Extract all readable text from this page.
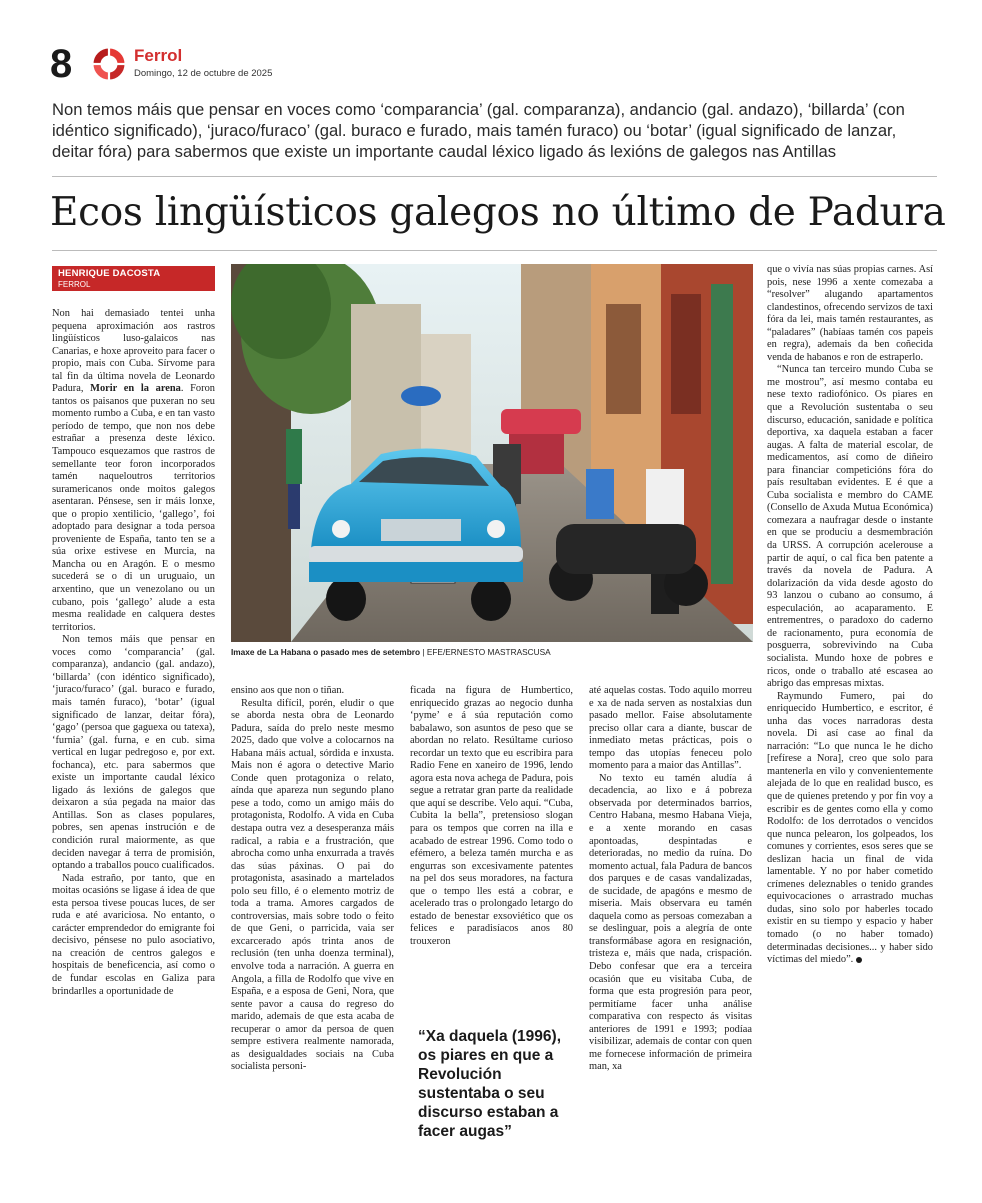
8	Ferrol
Domingo, 12 de octubre de 2025
Non temos máis que pensar en voces como ‘comparancia’ (gal. comparanza), andancio (gal. andazo), ‘billarda’ (con idéntico significado), ‘juraco/furaco’ (gal. buraco e furado, mais tamén furaco) ou ‘botar’ (igual significado de lanzar, deitar fóra) para sabermos que existe un importante caudal léxico ligado ás lexións de galegos nas Antillas
Ecos lingüísticos galegos no último de Padura
HENRIQUE DACOSTA
FERROL

Non hai demasiado tentei unha pequena aproximación aos rastros lingüísticos luso-galaicos nas Canarias, e hoxe aproveito para facer o propio, mais con Cuba. Sírvome para tal fin da última novela de Leonardo Padura, Morir en la arena. Foron tantos os paisanos que puxeran no seu momento rumbo a Cuba, e en tan vasto período de tempo, que non nos debe estrañar a presenza deste léxico. Tampouco esquezamos que rastros de semellante teor foron incorporados tamén naqueloutros territorios suramericanos onde moitos galegos asentaran. Pénsese, sen ir máis lonxe, que o propio xentilicio, ‘gallego’, foi adoptado para designar a toda persoa proveniente de España, tanto ten se a súa orixe estivese en Murcia, na Mancha ou en Aragón. E o mesmo sucederá se o di un uruguaio, un arxentino, que un venezolano ou un cubano, pois ‘gallego’ alude a esta mesma realidade en calquera destes territorios.

Non temos máis que pensar en voces como ‘comparancia’ (gal. comparanza), andancio (gal. andazo), ‘billarda’ (con idéntico significado), ‘juraco/furaco’ (gal. buraco e furado, mais tamén furaco), ‘botar’ (igual significado de lanzar, deitar fóra), ‘gago’ (persoa que gaguexa ou tatexa), ‘furnia’ (gal. furna, e en cub. sima vertical en lugar pedregoso e, por ext. fochanca), etc. para sabermos que existe un importante caudal léxico ligado ás lexións de galegos que deixaron a súa pegada na maior das Antillas. Son as clases populares, pobres, sen apenas instrución e de condición rural maiormente, as que deciden navegar á terra de promisión, optando a traballos pouco cualificados.

Nada estraño, por tanto, que en moitas ocasións se ligase á idea de que esta persoa tivese poucas luces, de ser ruda e até avariciosa. No entanto, o carácter emprendedor do emigrante foi decisivo, pénsese no pulo asociativo, na creación de centros galegos e hospitais de beneficencia, así como o de fundar escolas en Galiza para brindarlles a oportunidade de

Imaxe de La Habana o pasado mes de setembro | EFE/ERNESTO MASTRASCUSA

ensino aos que non o tiñan.

Resulta difícil, porén, eludir o que se aborda nesta obra de Leonardo Padura, saída do prelo neste mesmo 2025, dado que volve a colocarnos na Habana máis actual, sórdida e inxusta. Mais non é agora o detective Mario Conde quen protagoniza o relato, aínda que apareza nun segundo plano pese a todo, como un amigo máis do protagonista, Rodolfo. A vida en Cuba destapa outra vez a desesperanza máis radical, a rabia e a frustración, que abrocha como unha enxurrada a través das súas páxinas. O pai do protagonista, asasinado a martelados polo seu fillo, é o elemento motriz de toda a trama. Amores cargados de controversias, mais sobre todo o feito de que Geni, o parricida, vaia ser excarcerado após trinta anos de reclusión (ten unha doenza terminal), envolve toda a narración. A guerra en Angola, a filla de Rodolfo que vive en España, e a esposa de Geni, Nora, que sente pavor a causa do regreso do marido, ademais de que esta acaba de recuperar o amor da persoa de quen sempre estivera realmente namorada, as desigualdades sociais na Cuba socialista personi-

ficada na figura de Humbertico, enriquecido grazas ao negocio dunha ‘pyme’ e á súa reputación como babalawo, son asuntos de peso que se abordan no relato. Resúltame curioso recordar un texto que eu escribira para Radio Fene en xaneiro de 1996, lendo agora esta nova achega de Padura, pois segue a retratar gran parte da realidade que aquí se describe. Velo aquí. “Cuba, Cubita la bella”, pretensioso slogan para os tempos que corren na illa e acabado de estrear 1996. Como todo o efémero, a beleza tamén murcha e as engurras son excesivamente patentes na pel dos seus moradores, na factura que o tempo lles está a cobrar, e acelerado tras o prolongado letargo do estado de benestar exsoviético que os felices e paradisíacos anos 80 trouxeron

“Xa daquela (1996), os piares en que a Revolución sustentaba o seu discurso estaban a facer augas”

até aquelas costas. Todo aquilo morreu e xa de nada serven as nostalxias dun pasado mellor. Faise absolutamente preciso ollar cara a diante, buscar de inmediato metas prácticas, pois o tempo das utopías feneceu polo momento para a maior das Antillas”.

No texto eu tamén aludía á decadencia, ao lixo e á pobreza observada por determinados barrios, Centro Habana, mesmo Habana Vieja, e a xente morando en casas apontoadas, despintadas e deterioradas, no medio da ruína. Do momento actual, fala Padura de bancos dos parques e de casas vandalizadas, de sucidade, de apagóns e mesmo de miseria. Mais observara eu tamén daquela como as persoas comezaban a se deslinguar, pois a alegría de onte transformábase agora en resignación, tristeza e, máis que nada, crispación. Debo confesar que era a terceira ocasión que eu visitaba Cuba, de forma que esta progresión para peor, permitíame facer unha análise comparativa con respecto ás visitas anteriores de 1991 e 1993; podíaa visibilizar, ademais de contar con quen me fornecese información de primeira man, xa

que o vivía nas súas propias carnes. Así pois, nese 1996 a xente comezaba a “resolver” alugando apartamentos clandestinos, ofrecendo servizos de taxi fóra da lei, mais tamén restaurantes, as “paladares” (habíaas tamén cos papeis en regra), ademais da ben coñecida venda de habanos e ron de estraperlo.

“Nunca tan terceiro mundo Cuba se me mostrou”, así mesmo contaba eu nese texto radiofónico. Os piares en que a Revolución sustentaba o seu discurso, educación, sanidade e política deportiva, xa daquela estaban a facer augas. A falta de material escolar, de medicamentos, así como de diñeiro para financiar competicións fóra do país resultaban evidentes. E é que a Cuba socialista e membro do CAME (Consello de Axuda Mutua Económica) comezara a naufragar desde o instante en que se produciu a desmembración da URSS. A corrupción acelerouse a partir de aquí, o cal fica ben patente a través da novela de Padura. A dolarización da vida desde agosto do 93 lanzou o cubano ao consumo, á especulación, ao acaparamento. E entrementres, o paradoxo do caderno de racionamento, pura economía de posguerra, sobrevivindo na Cuba socialista. Mundo hoxe de pobres e ricos, onde o traballo até escasea ao abrigo das empresas mixtas.

Raymundo Fumero, pai do enriquecido Humbertico, e escritor, é unha das voces narradoras desta novela. Di así case ao final da narración: “Lo que nunca le he dicho [refírese a Nora], creo que solo para mantenerla en vilo y convenientemente alejada de lo que en realidad busco, es que de quienes pretendo y por fin voy a escribir es de gentes como ella y como Rodolfo: de los derrotados o vencidos que nunca pelearon, los golpeados, los comunes y corrientes, esos seres que se deslizan hacia un final de vida lamentable. Y no por haber cometido crímenes deleznables o tenido grandes equivocaciones o arrastrado muchas dudas, sino solo por haberles tocado existir en su tiempo y espacio y haber tomado (o no haber tomado) determinadas decisiones... y haber sido víctimas del miedo”.
